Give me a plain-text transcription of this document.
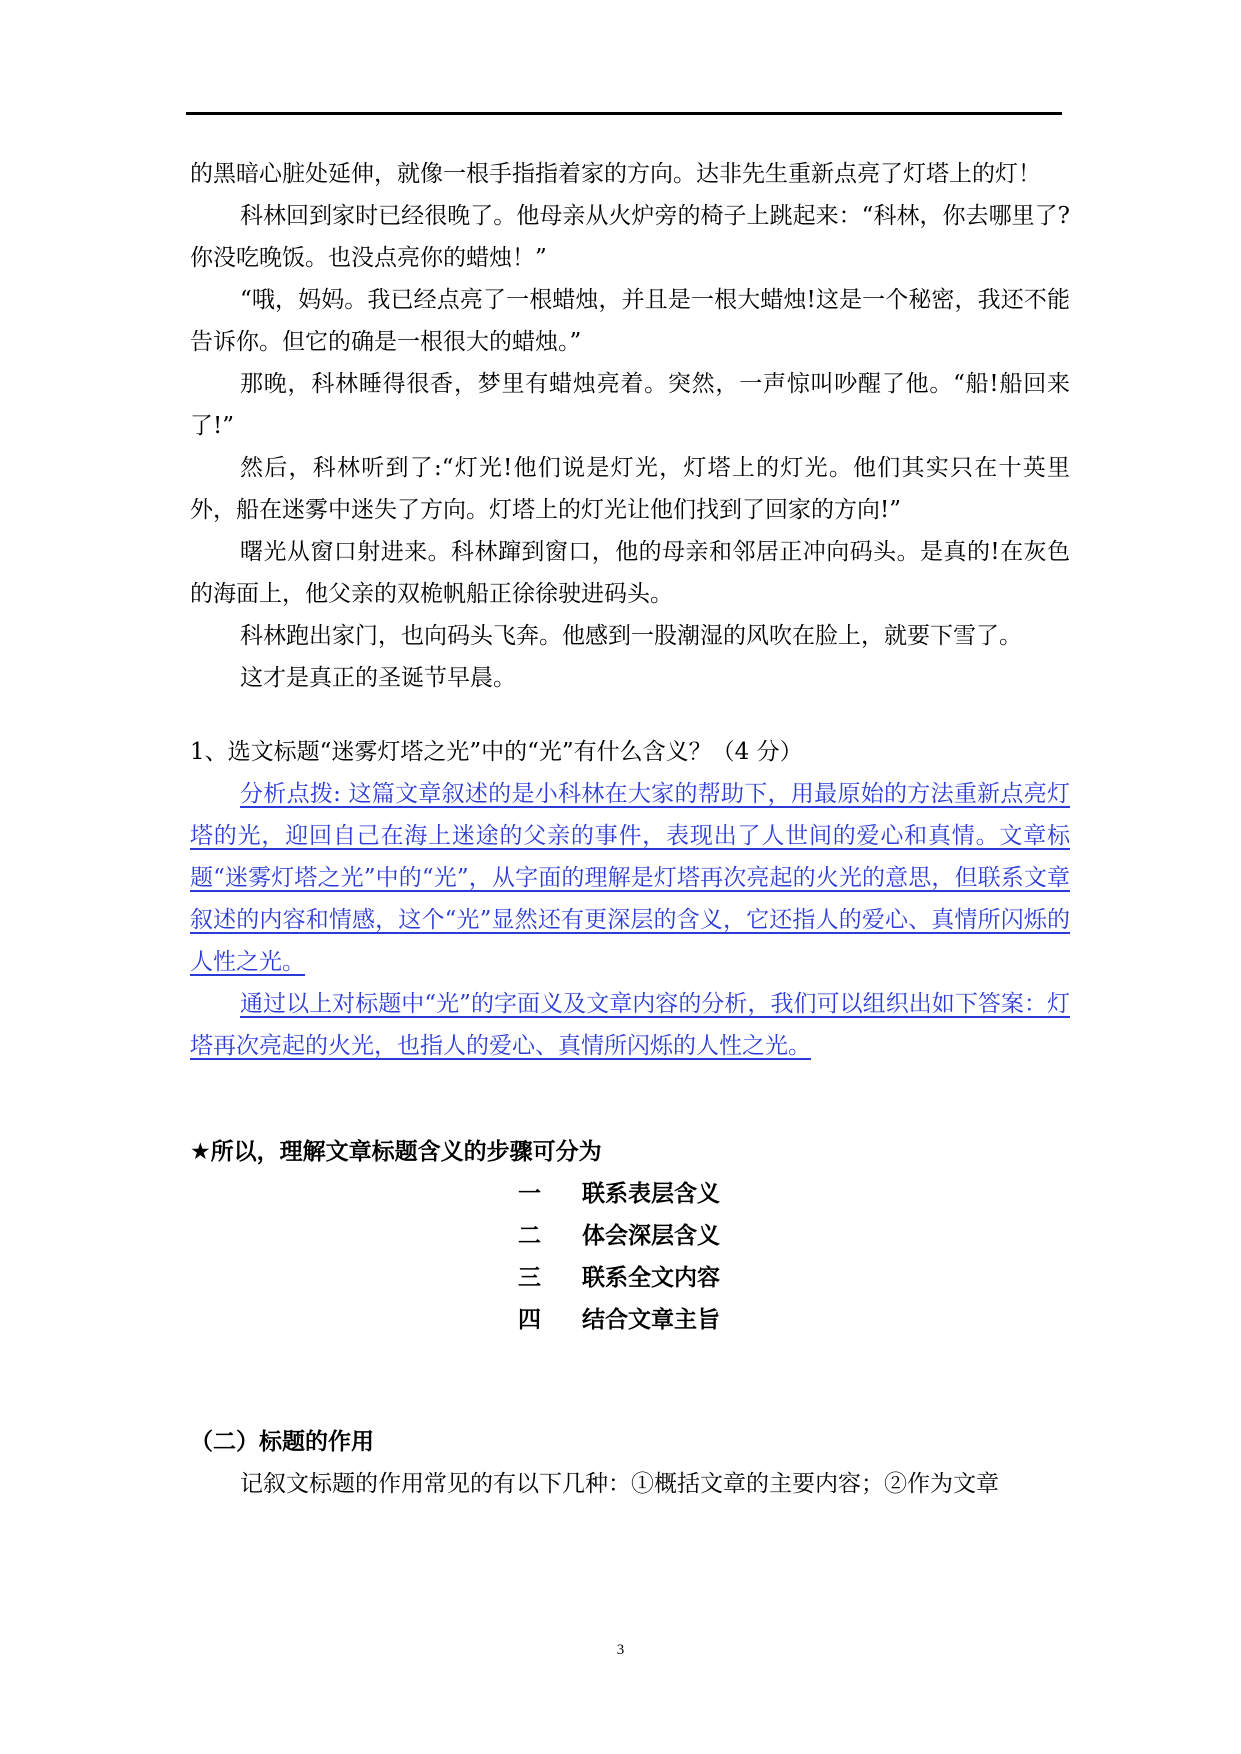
的黑暗心脏处延伸，就像一根手指指着家的方向。达非先生重新点亮了灯塔上的灯！

科林回到家时已经很晚了。他母亲从火炉旁的椅子上跳起来：“科林，你去哪里了?你没吃晚饭。也没点亮你的蜡烛！”

“哦，妈妈。我已经点亮了一根蜡烛，并且是一根大蜡烛!这是一个秘密，我还不能告诉你。但它的确是一根很大的蜡烛。”

那晚，科林睡得很香，梦里有蜡烛亮着。突然，一声惊叫吵醒了他。“船!船回来了!”

然后，科林听到了:“灯光!他们说是灯光，灯塔上的灯光。他们其实只在十英里外，船在迷雾中迷失了方向。灯塔上的灯光让他们找到了回家的方向!”

曙光从窗口射进来。科林蹿到窗口，他的母亲和邻居正冲向码头。是真的!在灰色的海面上，他父亲的双桅帆船正徐徐驶进码头。

科林跑出家门，也向码头飞奔。他感到一股潮湿的风吹在脸上，就要下雪了。

这才是真正的圣诞节早晨。

1、选文标题“迷雾灯塔之光”中的“光”有什么含义？（4 分）

分析点拨: 这篇文章叙述的是小科林在大家的帮助下，用最原始的方法重新点亮灯塔的光，迎回自己在海上迷途的父亲的事件，表现出了人世间的爱心和真情。文章标题“迷雾灯塔之光”中的“光”，从字面的理解是灯塔再次亮起的火光的意思，但联系文章叙述的内容和情感，这个“光”显然还有更深层的含义，它还指人的爱心、真情所闪烁的人性之光。

通过以上对标题中“光”的字面义及文章内容的分析，我们可以组织出如下答案：灯塔再次亮起的火光，也指人的爱心、真情所闪烁的人性之光。

★所以，理解文章标题含义的步骤可分为

一	联系表层含义
二	体会深层含义
三	联系全文内容
四	结合文章主旨

（二）标题的作用

记叙文标题的作用常见的有以下几种：①概括文章的主要内容；②作为文章

3
